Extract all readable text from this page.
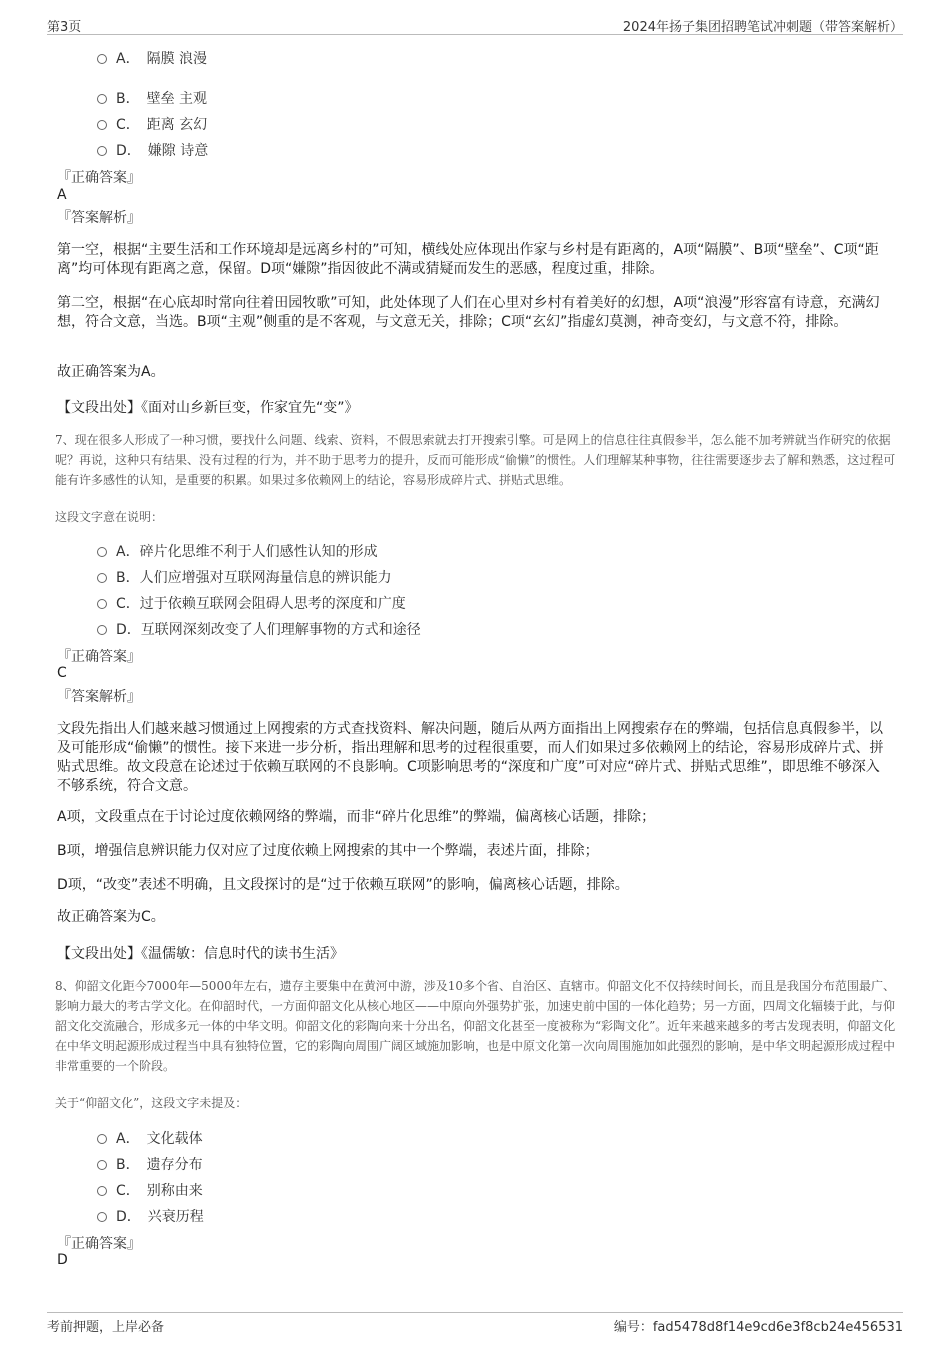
第3页	2024年扬子集团招聘笔试冲刺题（带答案解析）
A．　隔膜 浪漫
B．　壁垒 主观
C．　距离 玄幻
D．　嫌隙 诗意
『正确答案』
A
『答案解析』
第一空，根据“主要生活和工作环境却是远离乡村的”可知，横线处应体现出作家与乡村是有距离的，A项“隔膜”、B项“壁垒”、C项“距离”均可体现有距离之意，保留。D项“嫌隙”指因彼此不满或猜疑而发生的恶感，程度过重，排除。
第二空，根据“在心底却时常向往着田园牧歌”可知，此处体现了人们在心里对乡村有着美好的幻想，A项“浪漫”形容富有诗意，充满幻想，符合文意，当选。B项“主观”侧重的是不客观，与文意无关，排除；C项“玄幻”指虚幻莫测，神奇变幻，与文意不符，排除。
故正确答案为A。
【文段出处】《面对山乡新巨变，作家宜先“变”》
7、现在很多人形成了一种习惯，要找什么问题、线索、资料，不假思索就去打开搜索引擎。可是网上的信息往往真假参半，怎么能不加考辨就当作研究的依据呢？再说，这种只有结果、没有过程的行为，并不助于思考力的提升，反而可能形成“偷懒”的惯性。人们理解某种事物，往往需要逐步去了解和熟悉，这过程可能有许多感性的认知，是重要的积累。如果过多依赖网上的结论，容易形成碎片式、拼贴式思维。
这段文字意在说明：
A．碎片化思维不利于人们感性认知的形成
B．人们应增强对互联网海量信息的辨识能力
C．过于依赖互联网会阻碍人思考的深度和广度
D．互联网深刻改变了人们理解事物的方式和途径
『正确答案』
C
『答案解析』
文段先指出人们越来越习惯通过上网搜索的方式查找资料、解决问题，随后从两方面指出上网搜索存在的弊端，包括信息真假参半，以及可能形成“偷懒”的惯性。接下来进一步分析，指出理解和思考的过程很重要，而人们如果过多依赖网上的结论，容易形成碎片式、拼贴式思维。故文段意在论述过于依赖互联网的不良影响。C项影响思考的“深度和广度”可对应“碎片式、拼贴式思维”，即思维不够深入不够系统，符合文意。
A项，文段重点在于讨论过度依赖网络的弊端，而非“碎片化思维”的弊端，偏离核心话题，排除；
B项，增强信息辨识能力仅对应了过度依赖上网搜索的其中一个弊端，表述片面，排除；
D项，“改变”表述不明确，且文段探讨的是“过于依赖互联网”的影响，偏离核心话题，排除。
故正确答案为C。
【文段出处】《温儒敏：信息时代的读书生活》
8、仰韶文化距今7000年—5000年左右，遗存主要集中在黄河中游，涉及10多个省、自治区、直辖市。仰韶文化不仅持续时间长，而且是我国分布范围最广、影响力最大的考古学文化。在仰韶时代，一方面仰韶文化从核心地区——中原向外强势扩张，加速史前中国的一体化趋势；另一方面，四周文化辐辏于此，与仰韶文化交流融合，形成多元一体的中华文明。仰韶文化的彩陶向来十分出名，仰韶文化甚至一度被称为“彩陶文化”。近年来越来越多的考古发现表明，仰韶文化在中华文明起源形成过程当中具有独特位置，它的彩陶向周围广阔区域施加影响，也是中原文化第一次向周围施加如此强烈的影响，是中华文明起源形成过程中非常重要的一个阶段。
关于“仰韶文化”，这段文字未提及：
A．　文化载体
B．　遗存分布
C．　别称由来
D．　兴衰历程
『正确答案』
D
考前押题，上岸必备	编号：fad5478d8f14e9cd6e3f8cb24e456531
